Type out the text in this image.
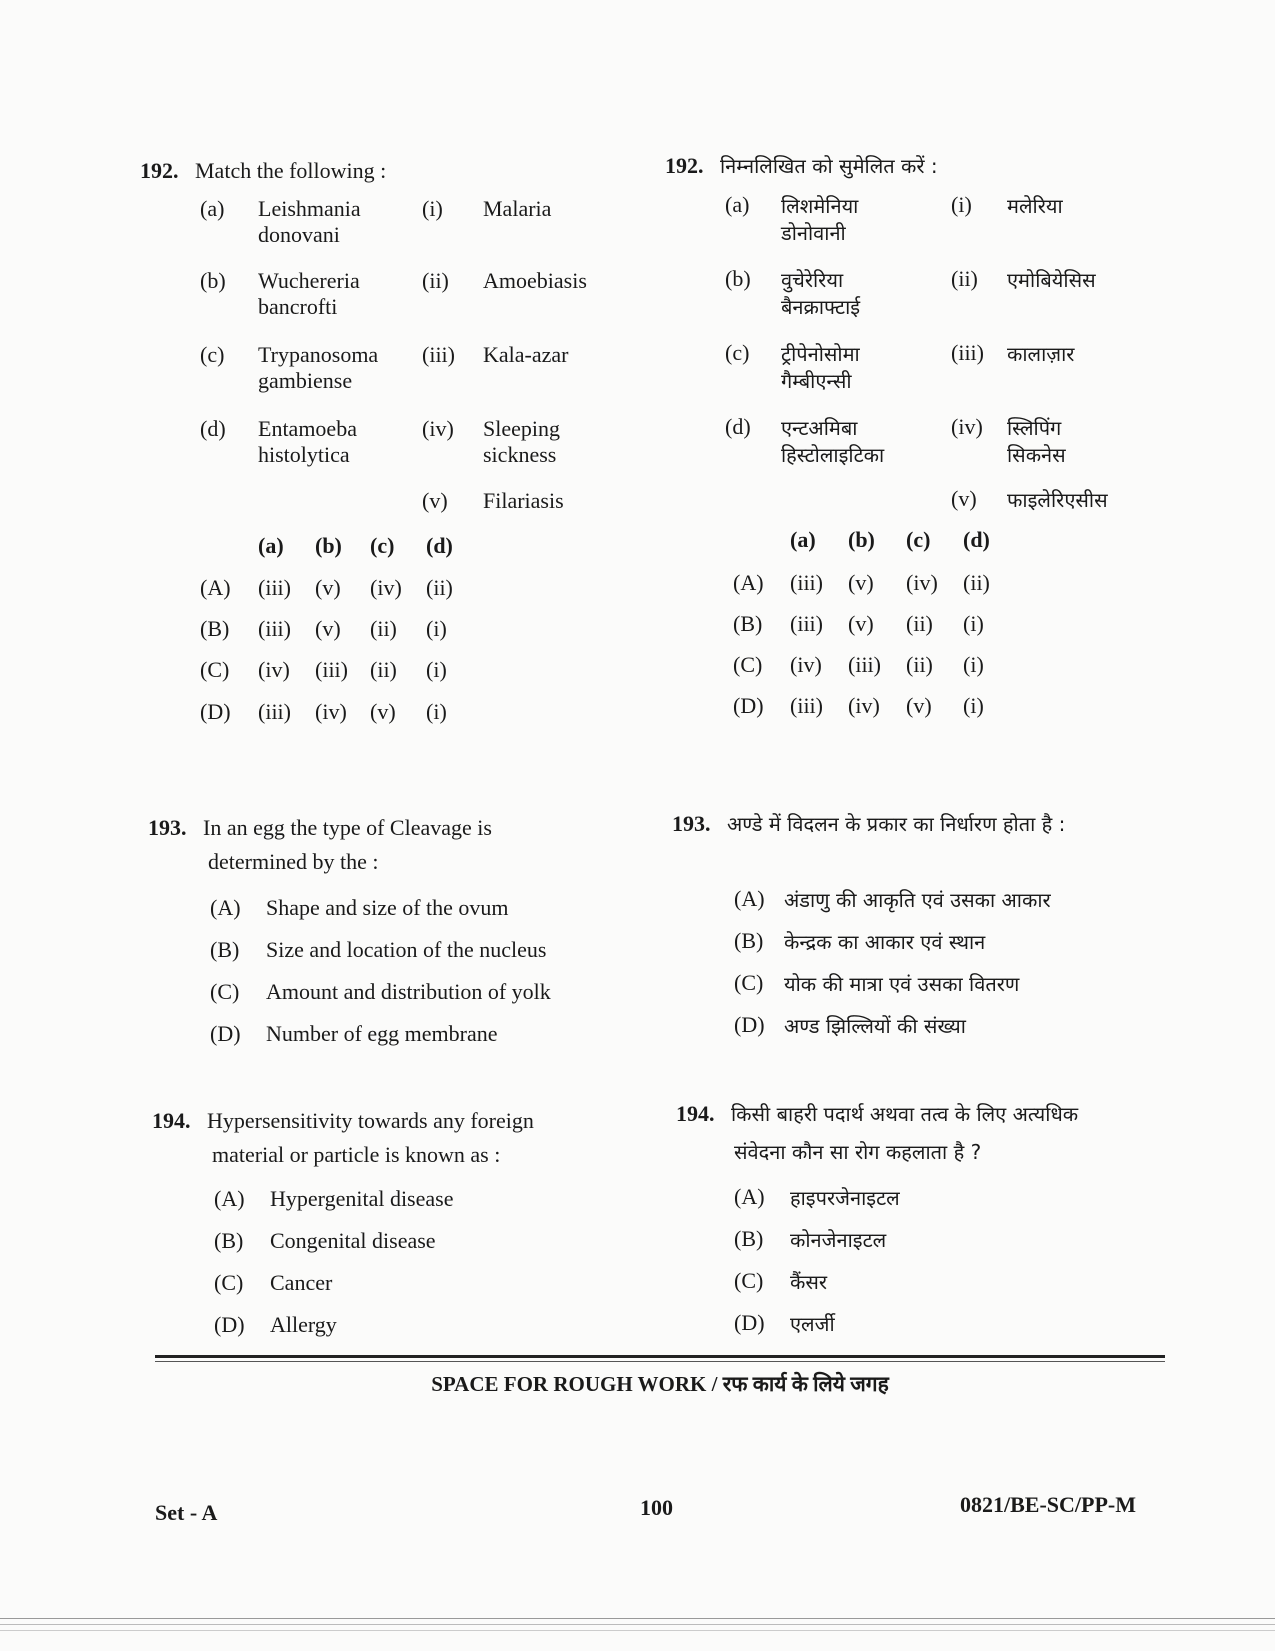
192. Match the following :
(a) Leishmania
donovani
(i) Malaria
(b) Wuchereria
bancrofti
(ii) Amoebiasis
(c) Trypanosoma
gambiense
(iii) Kala-azar
(d) Entamoeba
histolytica
(iv) Sleeping
sickness
(v) Filariasis
(a) (b) (c) (d)
(A) (iii) (v) (iv) (ii)
(B) (iii) (v) (ii) (i)
(C) (iv) (iii) (ii) (i)
(D) (iii) (iv) (v) (i)
192. निम्नलिखित को सुमेलित करें :
(a) लिशमेनिया
डोनोवानी
(i) मलेरिया
(b) वुचेरेरिया
बैनक्राफ्टाई
(ii) एमोबियेसिस
(c) ट्रीपेनोसोमा
गैम्बीएन्सी
(iii) कालाज़ार
(d) एन्टअमिबा
हिस्टोलाइटिका
(iv) स्लिपिंग
सिकनेस
(v) फाइलेरिएसीस
(a) (b) (c) (d)
(A) (iii) (v) (iv) (ii)
(B) (iii) (v) (ii) (i)
(C) (iv) (iii) (ii) (i)
(D) (iii) (iv) (v) (i)
193. In an egg the type of Cleavage is
determined by the :
(A) Shape and size of the ovum
(B) Size and location of the nucleus
(C) Amount and distribution of yolk
(D) Number of egg membrane
193. अण्डे में विदलन के प्रकार का निर्धारण होता है :
(A) अंडाणु की आकृति एवं उसका आकार
(B) केन्द्रक का आकार एवं स्थान
(C) योक की मात्रा एवं उसका वितरण
(D) अण्ड झिल्लियों की संख्या
194. Hypersensitivity towards any foreign
material or particle is known as :
(A) Hypergenital disease
(B) Congenital disease
(C) Cancer
(D) Allergy
194. किसी बाहरी पदार्थ अथवा तत्व के लिए अत्यधिक
संवेदना कौन सा रोग कहलाता है ?
(A) हाइपरजेनाइटल
(B) कोनजेनाइटल
(C) कैंसर
(D) एलर्जी
SPACE FOR ROUGH WORK / रफ कार्य के लिये जगह
Set - A	100	0821/BE-SC/PP-M
